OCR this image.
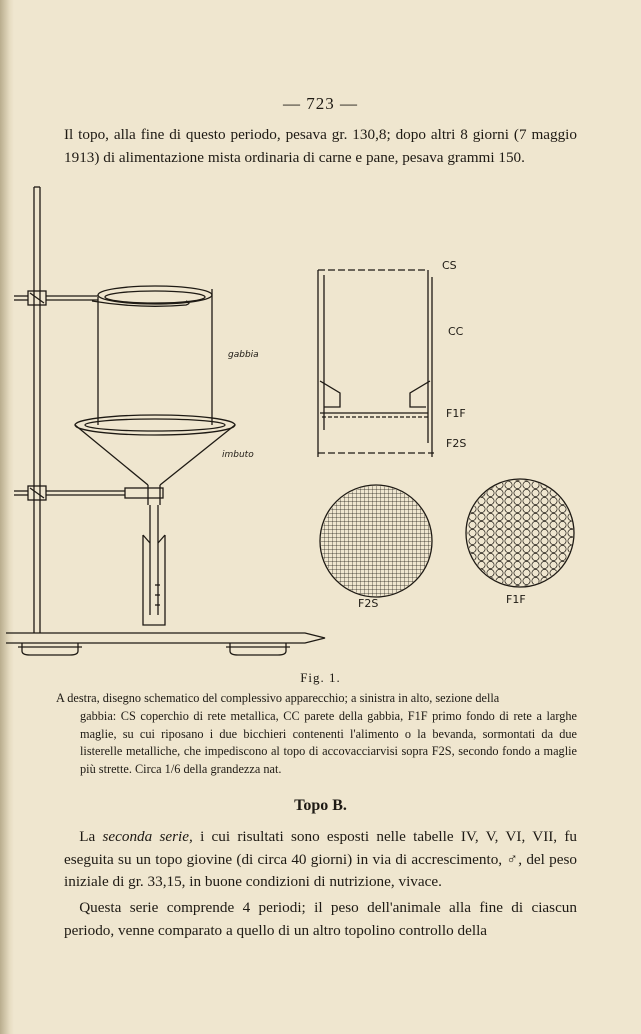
— 723 —
Il topo, alla fine di questo periodo, pesava gr. 130,8; dopo altri 8 giorni (7 maggio 1913) di alimentazione mista ordinaria di carne e pane, pesava grammi 150.
CS
CC
F1F
F2S
F2S	F1F
gabbia
imbuto
Fig. 1.
A destra, disegno schematico del complessivo apparecchio; a sinistra in alto, sezione della
gabbia: CS coperchio di rete metallica, CC parete della gabbia, F1F primo fondo di rete a larghe maglie, su cui riposano i due bicchieri contenenti l'alimento o la bevanda, sormontati da due listerelle metalliche, che impediscono al topo di accovacciarvisi sopra F2S, secondo fondo a maglie più strette. Circa 1/6 della grandezza nat.
Topo B.
 La seconda serie, i cui risultati sono esposti nelle tabelle IV, V, VI, VII, fu eseguita su un topo giovine (di circa 40 giorni) in via di accrescimento, ♂, del peso iniziale di gr. 33,15, in buone condizioni di nutrizione, vivace.
 Questa serie comprende 4 periodi; il peso dell'animale alla fine di ciascun periodo, venne comparato a quello di un altro topolino controllo della
